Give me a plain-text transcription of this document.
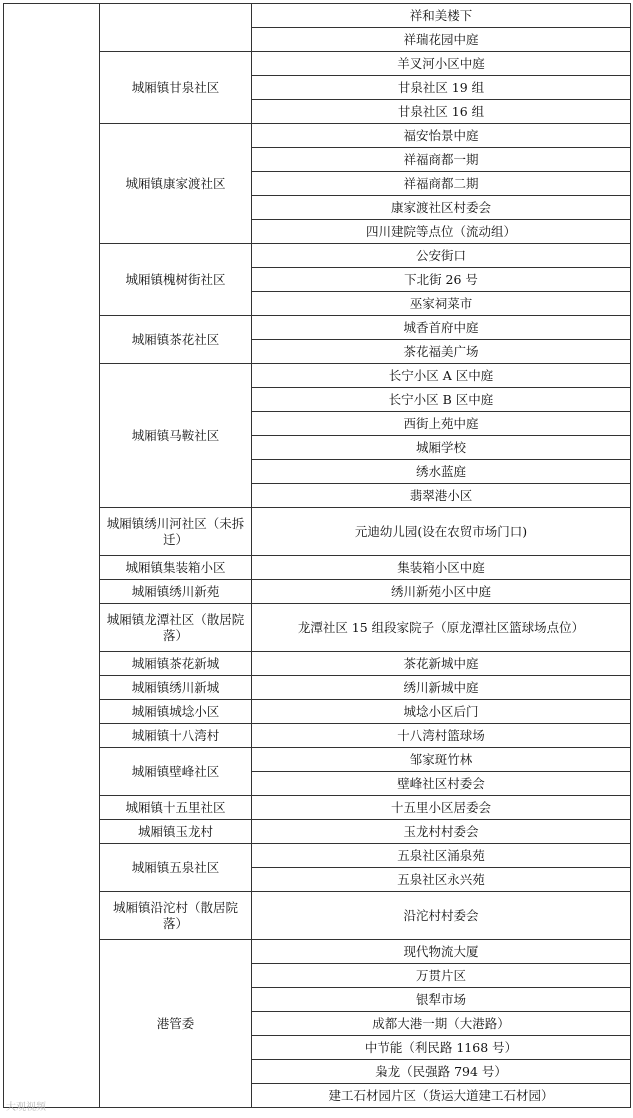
		祥和美楼下
		祥瑞花园中庭
	城厢镇甘泉社区	羊叉河小区中庭
		甘泉社区 19 组
		甘泉社区 16 组
	城厢镇康家渡社区	福安怡景中庭
		祥福商都一期
		祥福商都二期
		康家渡社区村委会
		四川建院等点位（流动组）
	城厢镇槐树街社区	公安街口
		下北街 26 号
		巫家祠菜市
	城厢镇茶花社区	城香首府中庭
		茶花福美广场
	城厢镇马鞍社区	长宁小区 A 区中庭
		长宁小区 B 区中庭
		西街上苑中庭
		城厢学校
		绣水蓝庭
		翡翠港小区
	城厢镇绣川河社区（未拆迁）	元迪幼儿园(设在农贸市场门口)
	城厢镇集装箱小区	集装箱小区中庭
	城厢镇绣川新苑	绣川新苑小区中庭
	城厢镇龙潭社区（散居院落）	龙潭社区 15 组段家院子（原龙潭社区篮球场点位）
	城厢镇茶花新城	茶花新城中庭
	城厢镇绣川新城	绣川新城中庭
	城厢镇城埝小区	城埝小区后门
	城厢镇十八湾村	十八湾村篮球场
	城厢镇壁峰社区	邹家斑竹林
		壁峰社区村委会
	城厢镇十五里社区	十五里小区居委会
	城厢镇玉龙村	玉龙村村委会
	城厢镇五泉社区	五泉社区涌泉苑
		五泉社区永兴苑
	城厢镇沿沱村（散居院落）	沿沱村村委会
	港管委	现代物流大厦
		万贯片区
		银犁市场
		成都大港一期（大港路）
		中节能（利民路 1168 号）
		枭龙（民强路 794 号）
		建工石材园片区（货运大道建工石材园）
大观视频
